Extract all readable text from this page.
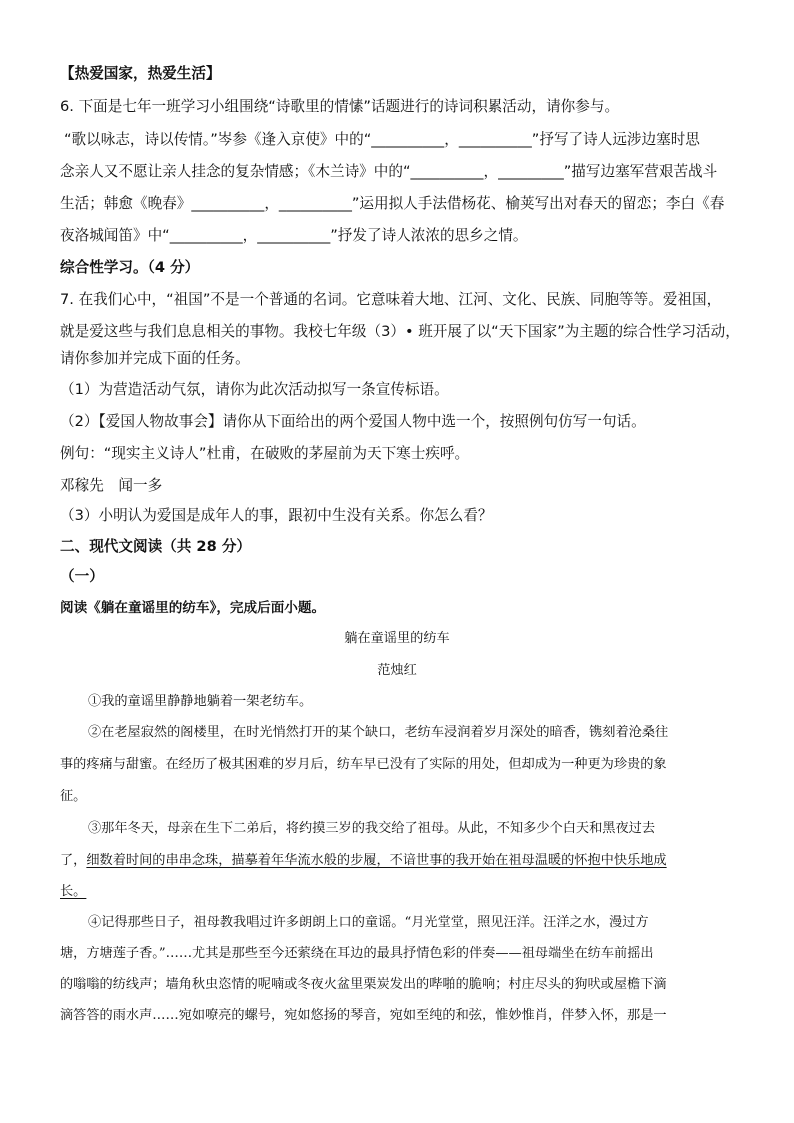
【热爱国家，热爱生活】
6. 下面是七年一班学习小组围绕“诗歌里的情愫”话题进行的诗词积累活动，请你参与。
“歌以咏志，诗以传情。”岑参《逢入京使》中的“__________，__________”抒写了诗人远涉边塞时思
念亲人又不愿让亲人挂念的复杂情感；《木兰诗》中的“__________，_________”描写边塞军营艰苦战斗
生活；韩愈《晚春》__________，__________”运用拟人手法借杨花、榆荚写出对春天的留恋；李白《春
夜洛城闻笛》中“__________，__________”抒发了诗人浓浓的思乡之情。
综合性学习。（4 分）
7. 在我们心中，“祖国”不是一个普通的名词。它意味着大地、江河、文化、民族、同胞等等。爱祖国，
就是爱这些与我们息息相关的事物。我校七年级（3）• 班开展了以“天下国家”为主题的综合性学习活动，
请你参加并完成下面的任务。
（1）为营造活动气氛，请你为此次活动拟写一条宣传标语。
（2）【爱国人物故事会】请你从下面给出的两个爱国人物中选一个，按照例句仿写一句话。
例句：“现实主义诗人”杜甫，在破败的茅屋前为天下寒士疾呼。
邓稼先　闻一多
（3）小明认为爱国是成年人的事，跟初中生没有关系。你怎么看？
二、现代文阅读（共 28 分）
（一）
阅读《躺在童谣里的纺车》，完成后面小题。
躺在童谣里的纺车
范烛红
①我的童谣里静静地躺着一架老纺车。
②在老屋寂然的阁楼里，在时光悄然打开的某个缺口，老纺车浸润着岁月深处的暗香，镌刻着沧桑往
事的疼痛与甜蜜。在经历了极其困难的岁月后，纺车早已没有了实际的用处，但却成为一种更为珍贵的象
征。
③那年冬天，母亲在生下二弟后，将约摸三岁的我交给了祖母。从此，不知多少个白天和黑夜过去
了，细数着时间的串串念珠，描摹着年华流水般的步履，不谙世事的我开始在祖母温暖的怀抱中快乐地成
长。
④记得那些日子，祖母教我唱过许多朗朗上口的童谣。“月光堂堂，照见汪洋。汪洋之水，漫过方
塘，方塘莲子香。”……尤其是那些至今还萦绕在耳边的最具抒情色彩的伴奏——祖母端坐在纺车前摇出
的嗡嗡的纺线声；墙角秋虫恣情的呢喃或冬夜火盆里栗炭发出的哔啪的脆响；村庄尽头的狗吠或屋檐下滴
滴答答的雨水声……宛如嘹亮的螺号，宛如悠扬的琴音，宛如至纯的和弦，惟妙惟肖，伴梦入怀，那是一
